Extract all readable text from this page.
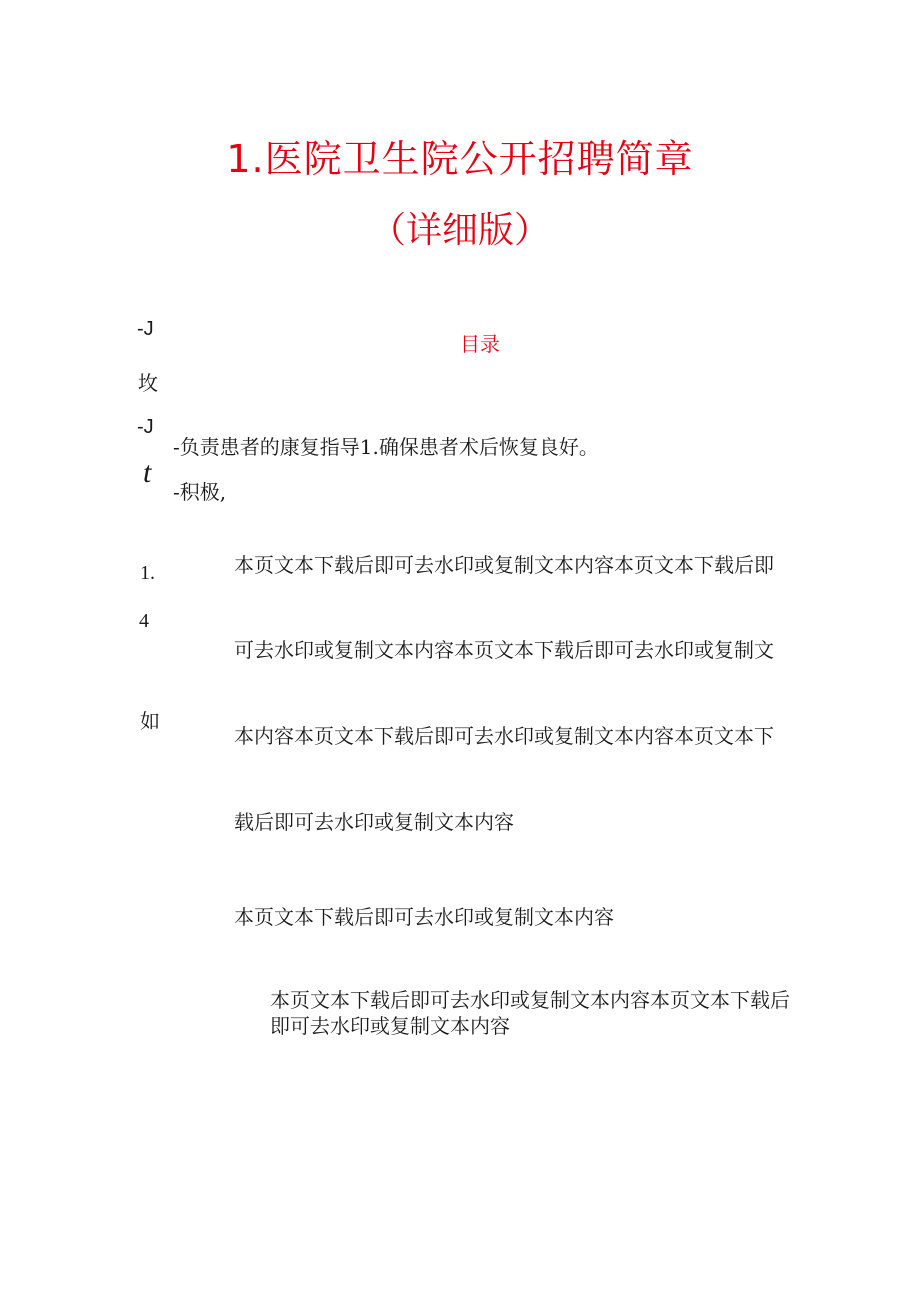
1.医院卫生院公开招聘简章
（详细版）
目录
-J
坆
-J
t
1.
4
如
-负责患者的康复指导1.确保患者术后恢复良好。
-积极,
本页文本下载后即可去水印或复制文本内容本页文本下载后即
可去水印或复制文本内容本页文本下载后即可去水印或复制文
本内容本页文本下载后即可去水印或复制文本内容本页文本下
载后即可去水印或复制文本内容
本页文本下载后即可去水印或复制文本内容
本页文本下载后即可去水印或复制文本内容本页文本下载后即可去水印或复制文本内容
